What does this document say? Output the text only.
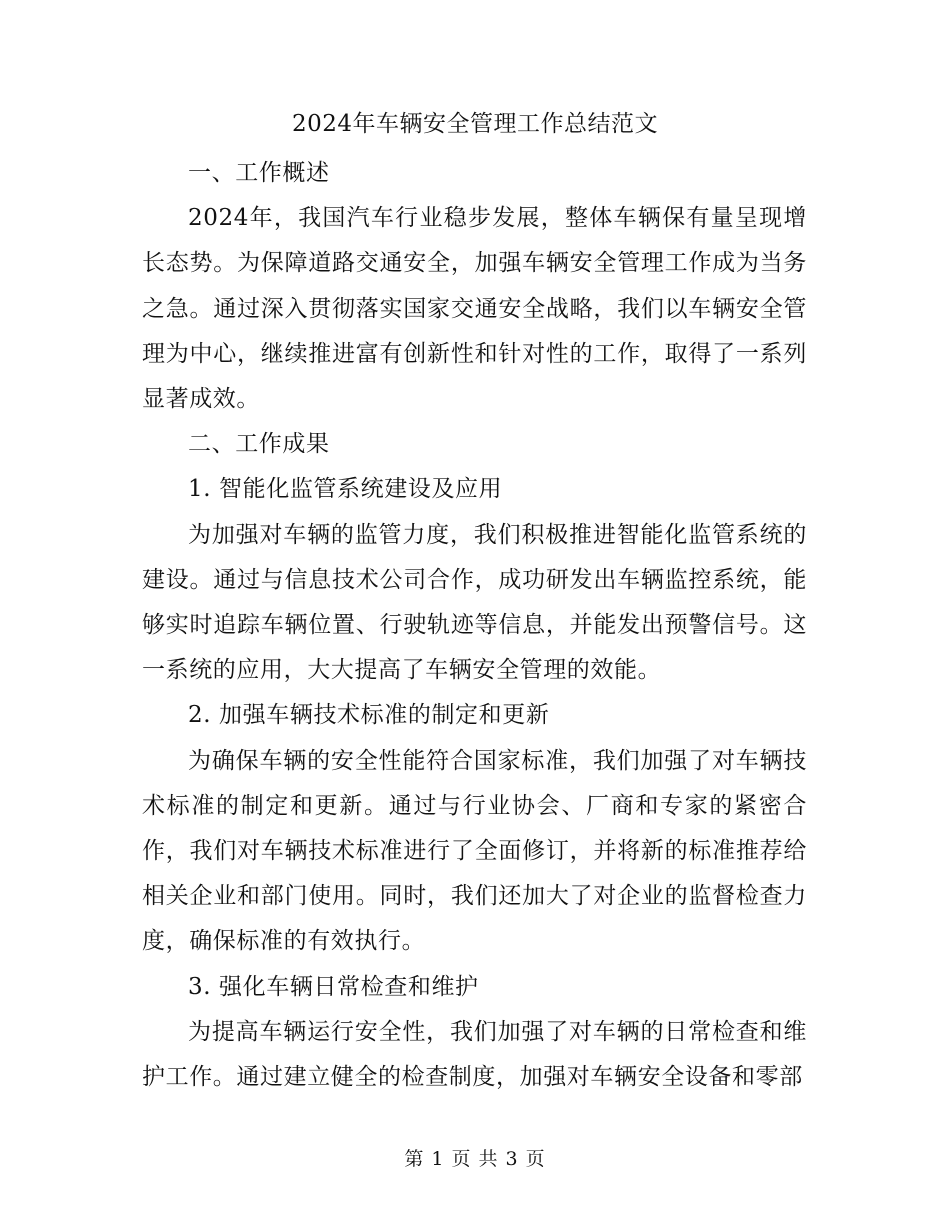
2024年车辆安全管理工作总结范文

一、工作概述

2024年，我国汽车行业稳步发展，整体车辆保有量呈现增长态势。为保障道路交通安全，加强车辆安全管理工作成为当务之急。通过深入贯彻落实国家交通安全战略，我们以车辆安全管理为中心，继续推进富有创新性和针对性的工作，取得了一系列显著成效。

二、工作成果

1. 智能化监管系统建设及应用

为加强对车辆的监管力度，我们积极推进智能化监管系统的建设。通过与信息技术公司合作，成功研发出车辆监控系统，能够实时追踪车辆位置、行驶轨迹等信息，并能发出预警信号。这一系统的应用，大大提高了车辆安全管理的效能。

2. 加强车辆技术标准的制定和更新

为确保车辆的安全性能符合国家标准，我们加强了对车辆技术标准的制定和更新。通过与行业协会、厂商和专家的紧密合作，我们对车辆技术标准进行了全面修订，并将新的标准推荐给相关企业和部门使用。同时，我们还加大了对企业的监督检查力度，确保标准的有效执行。

3. 强化车辆日常检查和维护

为提高车辆运行安全性，我们加强了对车辆的日常检查和维护工作。通过建立健全的检查制度，加强对车辆安全设备和零部

第 1 页 共 3 页
